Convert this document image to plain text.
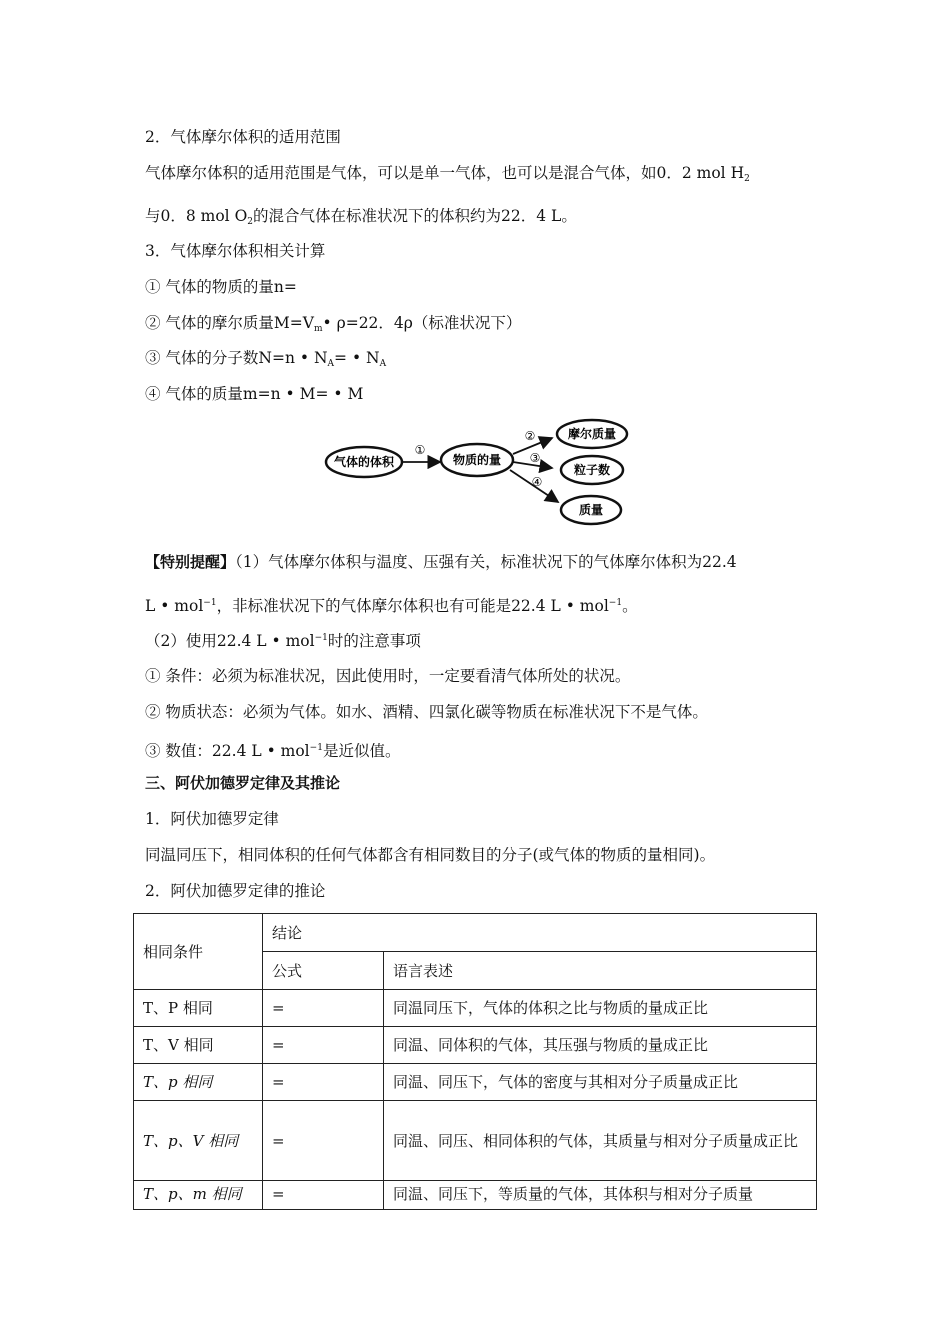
2．气体摩尔体积的适用范围
气体摩尔体积的适用范围是气体，可以是单一气体，也可以是混合气体，如0．2 mol $H_2$
与0．8 mol $O_2$的混合气体在标准状况下的体积约为22．4 L。
3．气体摩尔体积相关计算
① 气体的物质的量n=
② 气体的摩尔质量$M=V_m•$ ρ=22．4ρ（标准状况下）
③ 气体的分子数N=n • $N_A=$ • $N_A$
④ 气体的质量m=n • M= • M
气体的体积
①
物质的量
②
③
④
摩尔质量
粒子数
质量
【特别提醒】（1）气体摩尔体积与温度、压强有关，标准状况下的气体摩尔体积为22.4
L • mol$^{-1}$，非标准状况下的气体摩尔体积也有可能是22.4 L • mol$^{-1}$。
（2）使用22.4 L • mol$^{-1}$时的注意事项
① 条件：必须为标准状况，因此使用时，一定要看清气体所处的状况。
② 物质状态：必须为气体。如水、酒精、四氯化碳等物质在标准状况下不是气体。
③ 数值：22.4 L • mol$^{-1}$是近似值。
三、阿伏加德罗定律及其推论
1．阿伏加德罗定律
同温同压下，相同体积的任何气体都含有相同数目的分子(或气体的物质的量相同)。
2．阿伏加德罗定律的推论
相同条件	结论	
	公式	语言表述
T、P 相同	=	同温同压下，气体的体积之比与物质的量成正比
T、V 相同	=	同温、同体积的气体，其压强与物质的量成正比
T、p 相同	=	同温、同压下，气体的密度与其相对分子质量成正比
T、p、V 相同	=	同温、同压、相同体积的气体，其质量与相对分子质量成正比
T、p、m 相同	=	同温、同压下，等质量的气体，其体积与相对分子质量
